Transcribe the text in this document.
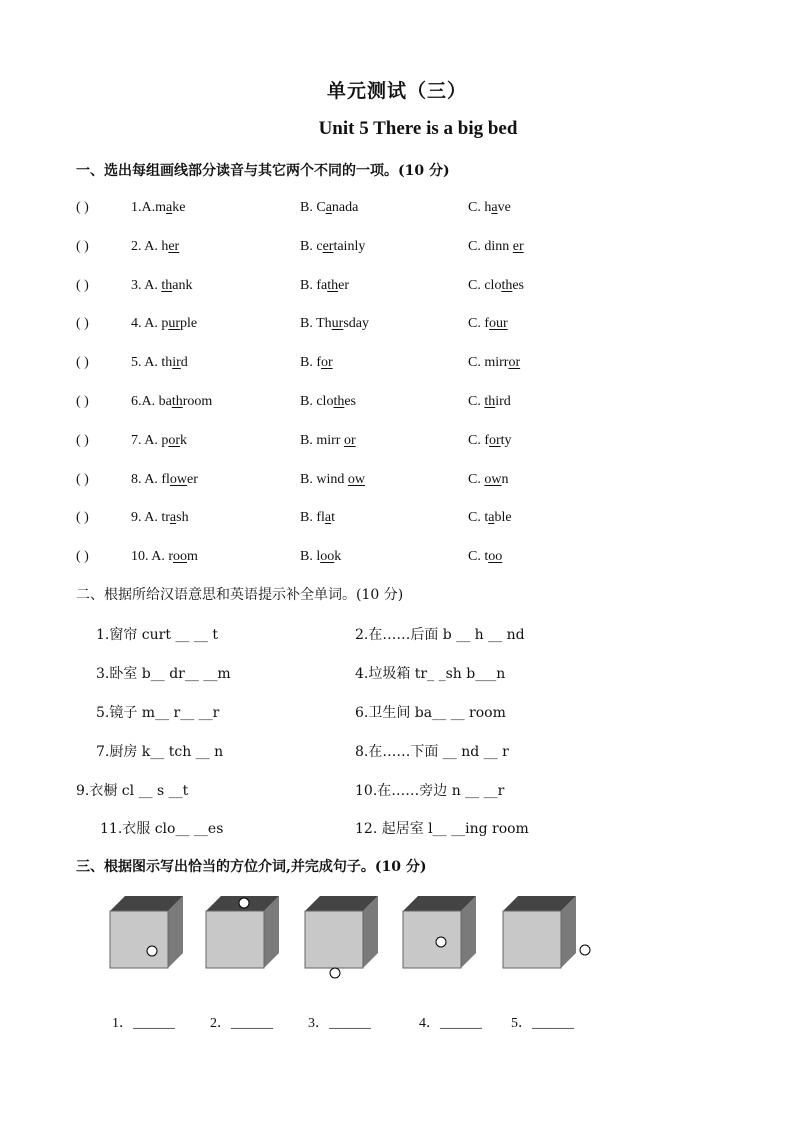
单元测试（三）
Unit 5 There is a big bed
一、选出每组画线部分读音与其它两个不同的一项。(10 分)
( )	1.A.make	B. Canada	C. have
( )	2. A. her	B. certainly	C. dinn er
( )	3. A. thank	B. father	C. clothes
( )	4. A. purple	B. Thursday	C. four
( )	5. A. third	B. for	C. mirror
( )	6.A. bathroom	B. clothes	C. third
( )	7. A. pork	B. mirr or	C. forty
( )	8. A. flower	B. wind ow	C. own
( )	9. A. trash	B. flat	C. table
( )	10. A. room	B. look	C. too
二、根据所给汉语意思和英语提示补全单词。(10 分)
1.窗帘 curt __ __ t	2.在……后面 b __ h __ nd
3.卧室 b__ dr__ __m	4.垃圾箱 tr_ _sh b___n
5.镜子 m__ r__ __r	6.卫生间 ba__ __ room
7.厨房 k__ tch __ n	8.在……下面 __ nd __ r
9.衣橱 cl __ s __t	10.在……旁边 n __ __r
11.衣服 clo__ __es	12. 起居室 l__ __ing room
三、根据图示写出恰当的方位介词,并完成句子。(10 分)
1．______	2．______	3．______	4．______ 5．______
